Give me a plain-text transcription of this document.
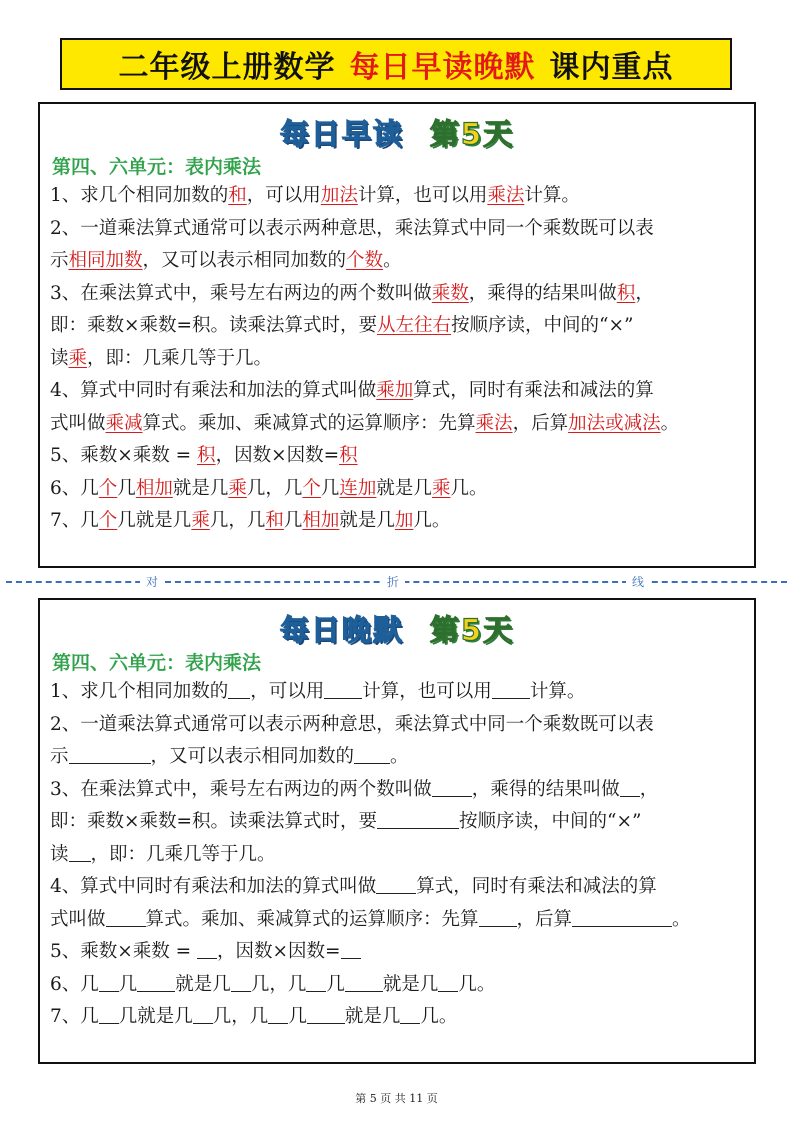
二年级上册数学 每日早读晚默 课内重点
每日早读 第5天
第四、六单元：表内乘法
1、求几个相同加数的和，可以用加法计算，也可以用乘法计算。
2、一道乘法算式通常可以表示两种意思，乘法算式中同一个乘数既可以表
示相同加数，又可以表示相同加数的个数。
3、在乘法算式中，乘号左右两边的两个数叫做乘数，乘得的结果叫做积，
即：乘数×乘数=积。读乘法算式时，要从左往右按顺序读，中间的“×”
读乘，即：几乘几等于几。
4、算式中同时有乘法和加法的算式叫做乘加算式，同时有乘法和减法的算
式叫做乘减算式。乘加、乘减算式的运算顺序：先算乘法，后算加法或减法。
5、乘数×乘数 = 积，因数×因数=积
6、几个几相加就是几乘几，几个几连加就是几乘几。
7、几个几就是几乘几，几和几相加就是几加几。
对	折	线
每日晚默 第5天
第四、六单元：表内乘法
1、求几个相同加数的 ，可以用 计算，也可以用 计算。
2、一道乘法算式通常可以表示两种意思，乘法算式中同一个乘数既可以表
示	，又可以表示相同加数的 。
3、在乘法算式中，乘号左右两边的两个数叫做 ，乘得的结果叫做 ，
即：乘数×乘数=积。读乘法算式时，要	按顺序读，中间的“×”
读 ，即：几乘几等于几。
4、算式中同时有乘法和加法的算式叫做 算式，同时有乘法和减法的算
式叫做 算式。乘加、乘减算式的运算顺序：先算 ，后算	。
5、乘数×乘数 = ，因数×因数=
6、几 几 就是几 几，几 几 就是几 几。
7、几 几就是几 几，几 几 就是几 几。
第 5 页 共 11 页
